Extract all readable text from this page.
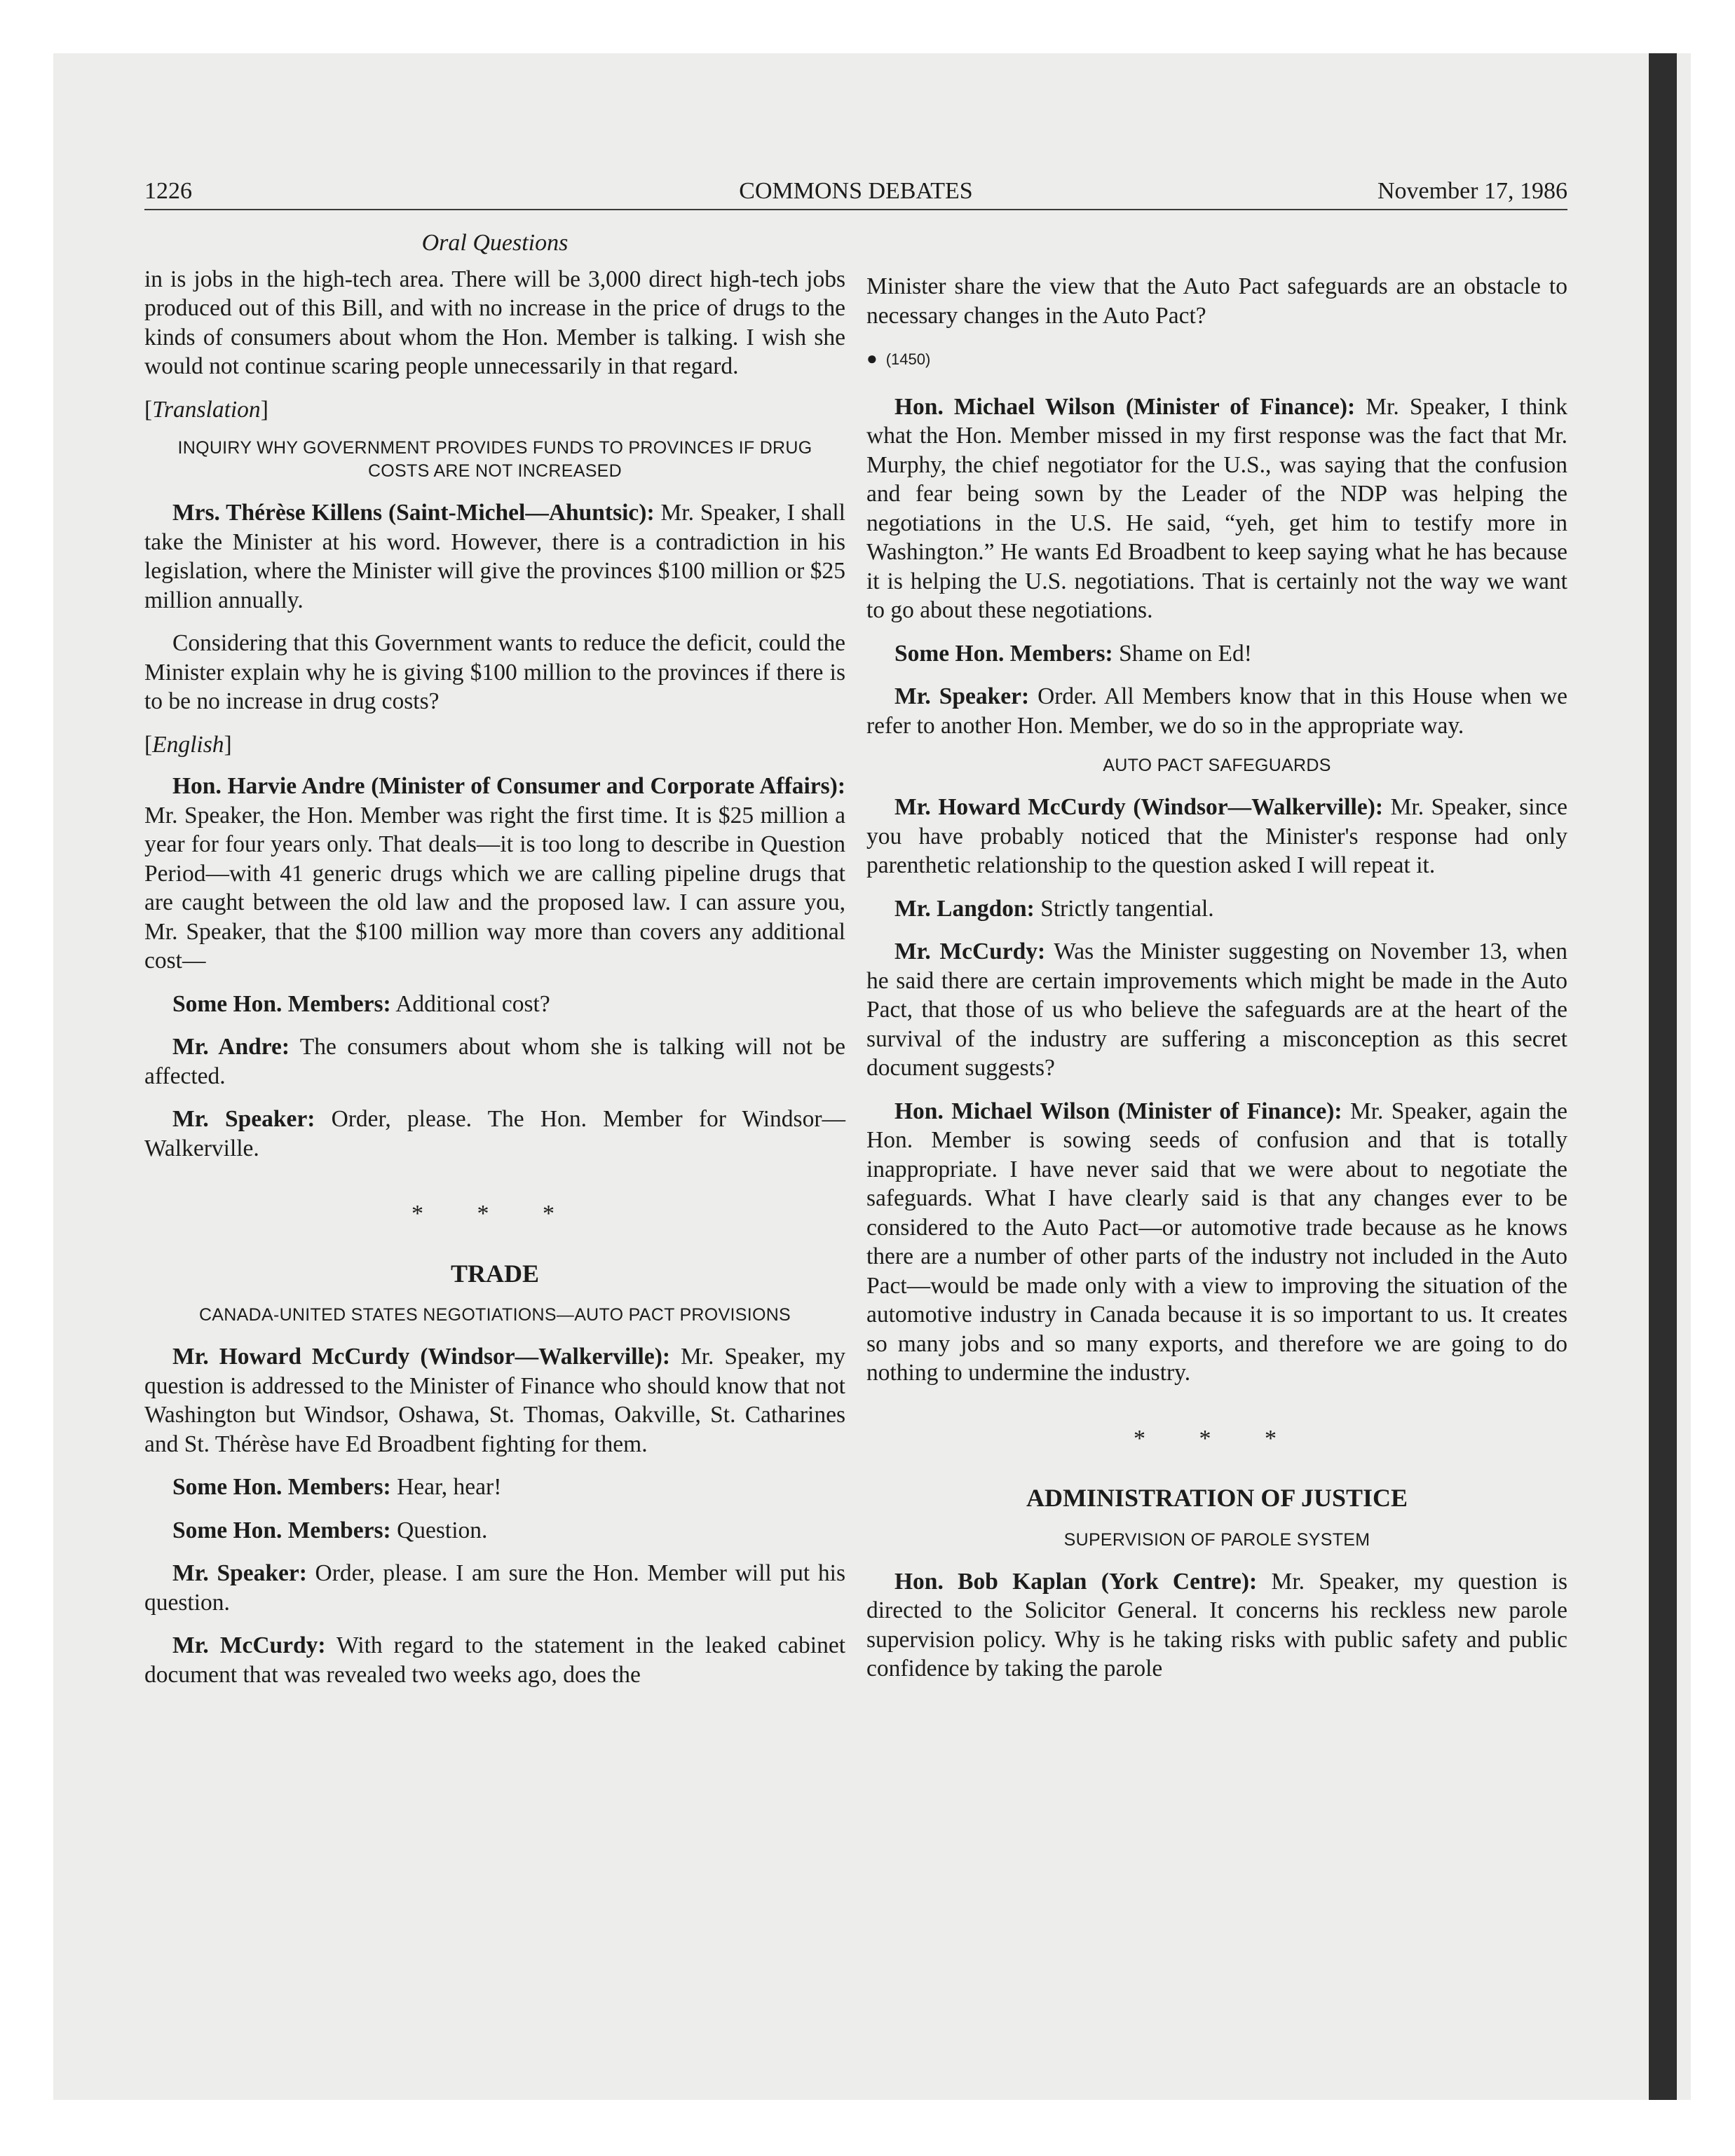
1226	COMMONS DEBATES	November 17, 1986
Oral Questions

in is jobs in the high-tech area. There will be 3,000 direct high-tech jobs produced out of this Bill, and with no increase in the price of drugs to the kinds of consumers about whom the Hon. Member is talking. I wish she would not continue scaring people unnecessarily in that regard.

[Translation]
INQUIRY WHY GOVERNMENT PROVIDES FUNDS TO PROVINCES IF DRUG COSTS ARE NOT INCREASED

Mrs. Thérèse Killens (Saint-Michel—Ahuntsic): Mr. Speaker, I shall take the Minister at his word. However, there is a contradiction in his legislation, where the Minister will give the provinces $100 million or $25 million annually.

Considering that this Government wants to reduce the deficit, could the Minister explain why he is giving $100 million to the provinces if there is to be no increase in drug costs?

[English]

Hon. Harvie Andre (Minister of Consumer and Corporate Affairs): Mr. Speaker, the Hon. Member was right the first time. It is $25 million a year for four years only. That deals—it is too long to describe in Question Period—with 41 generic drugs which we are calling pipeline drugs that are caught between the old law and the proposed law. I can assure you, Mr. Speaker, that the $100 million way more than covers any additional cost—

Some Hon. Members: Additional cost?

Mr. Andre: The consumers about whom she is talking will not be affected.

Mr. Speaker: Order, please. The Hon. Member for Windsor—Walkerville.

* * *
TRADE
CANADA-UNITED STATES NEGOTIATIONS—AUTO PACT PROVISIONS

Mr. Howard McCurdy (Windsor—Walkerville): Mr. Speaker, my question is addressed to the Minister of Finance who should know that not Washington but Windsor, Oshawa, St. Thomas, Oakville, St. Catharines and St. Thérèse have Ed Broadbent fighting for them.

Some Hon. Members: Hear, hear!

Some Hon. Members: Question.

Mr. Speaker: Order, please. I am sure the Hon. Member will put his question.

Mr. McCurdy: With regard to the statement in the leaked cabinet document that was revealed two weeks ago, does the

Minister share the view that the Auto Pact safeguards are an obstacle to necessary changes in the Auto Pact?

● (1450)

Hon. Michael Wilson (Minister of Finance): Mr. Speaker, I think what the Hon. Member missed in my first response was the fact that Mr. Murphy, the chief negotiator for the U.S., was saying that the confusion and fear being sown by the Leader of the NDP was helping the negotiations in the U.S. He said, “yeh, get him to testify more in Washington.” He wants Ed Broadbent to keep saying what he has because it is helping the U.S. negotiations. That is certainly not the way we want to go about these negotiations.

Some Hon. Members: Shame on Ed!

Mr. Speaker: Order. All Members know that in this House when we refer to another Hon. Member, we do so in the appropriate way.

AUTO PACT SAFEGUARDS

Mr. Howard McCurdy (Windsor—Walkerville): Mr. Speaker, since you have probably noticed that the Minister's response had only parenthetic relationship to the question asked I will repeat it.

Mr. Langdon: Strictly tangential.

Mr. McCurdy: Was the Minister suggesting on November 13, when he said there are certain improvements which might be made in the Auto Pact, that those of us who believe the safeguards are at the heart of the survival of the industry are suffering a misconception as this secret document suggests?

Hon. Michael Wilson (Minister of Finance): Mr. Speaker, again the Hon. Member is sowing seeds of confusion and that is totally inappropriate. I have never said that we were about to negotiate the safeguards. What I have clearly said is that any changes ever to be considered to the Auto Pact—or automotive trade because as he knows there are a number of other parts of the industry not included in the Auto Pact—would be made only with a view to improving the situation of the automotive industry in Canada because it is so important to us. It creates so many jobs and so many exports, and therefore we are going to do nothing to undermine the industry.

* * *
ADMINISTRATION OF JUSTICE
SUPERVISION OF PAROLE SYSTEM

Hon. Bob Kaplan (York Centre): Mr. Speaker, my question is directed to the Solicitor General. It concerns his reckless new parole supervision policy. Why is he taking risks with public safety and public confidence by taking the parole
